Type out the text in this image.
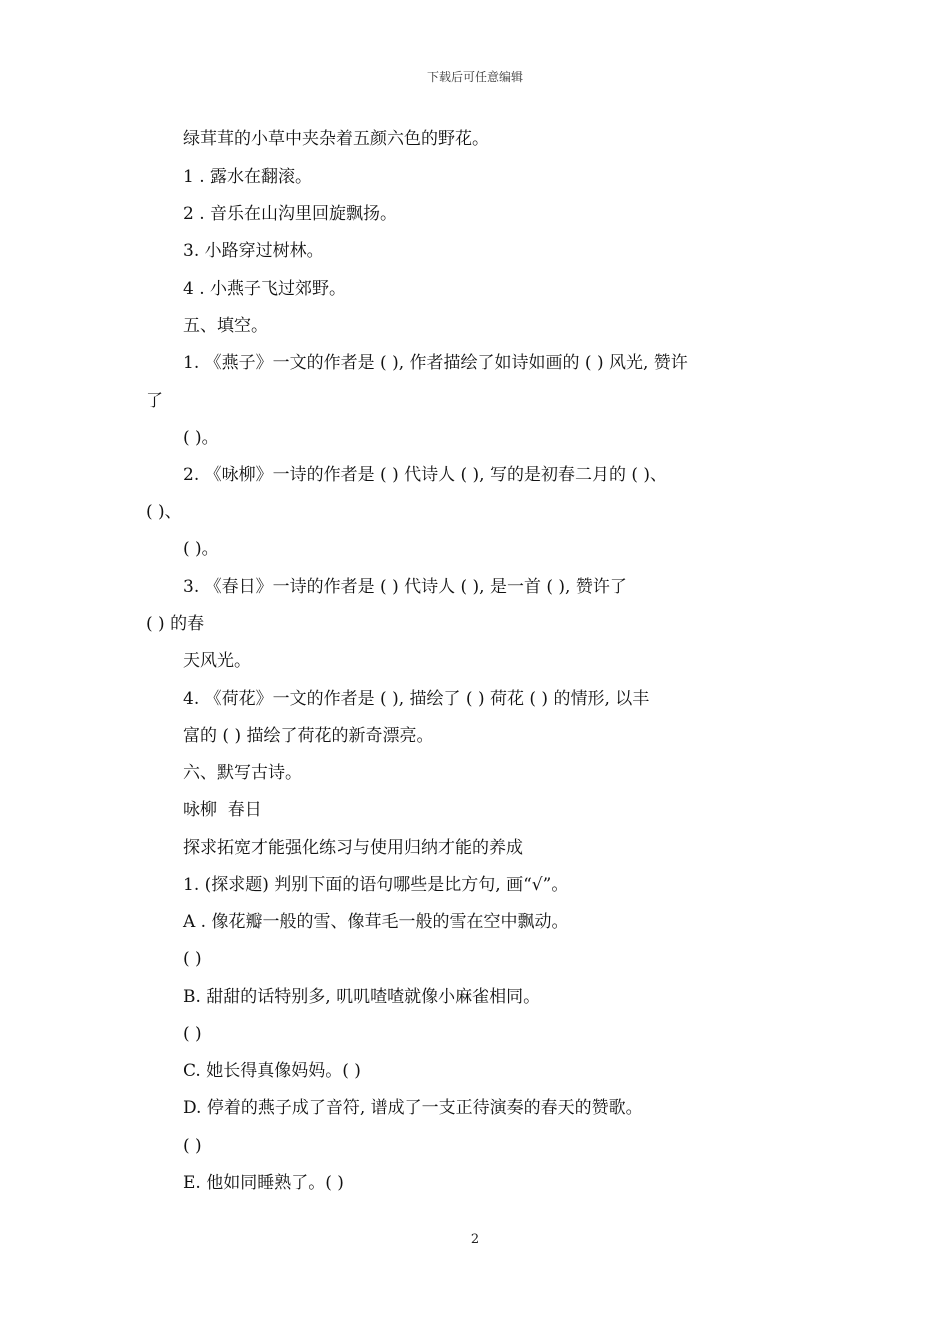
下载后可任意编辑
绿茸茸的小草中夹杂着五颜六色的野花。
1 . 露水在翻滚。
2 . 音乐在山沟里回旋飘扬。
3. 小路穿过树林。
4 . 小燕子飞过郊野。
五、填空。
1. 《燕子》一文的作者是 ( ), 作者描绘了如诗如画的 ( ) 风光, 赞许
了
( )。
2. 《咏柳》一诗的作者是 ( ) 代诗人 ( ), 写的是初春二月的 ( )、
( )、
( )。
3. 《春日》一诗的作者是 ( ) 代诗人 ( ), 是一首 ( ), 赞许了
( ) 的春
天风光。
4. 《荷花》一文的作者是 ( ), 描绘了 ( ) 荷花 ( ) 的情形, 以丰
富的 ( ) 描绘了荷花的新奇漂亮。
六、默写古诗。
咏柳  春日
探求拓宽才能强化练习与使用归纳才能的养成
1. (探求题) 判别下面的语句哪些是比方句, 画“√”。
A . 像花瓣一般的雪、像茸毛一般的雪在空中飘动。
( )
B. 甜甜的话特别多, 叽叽喳喳就像小麻雀相同。
( )
C. 她长得真像妈妈。( )
D. 停着的燕子成了音符, 谱成了一支正待演奏的春天的赞歌。
( )
E. 他如同睡熟了。( )
2
